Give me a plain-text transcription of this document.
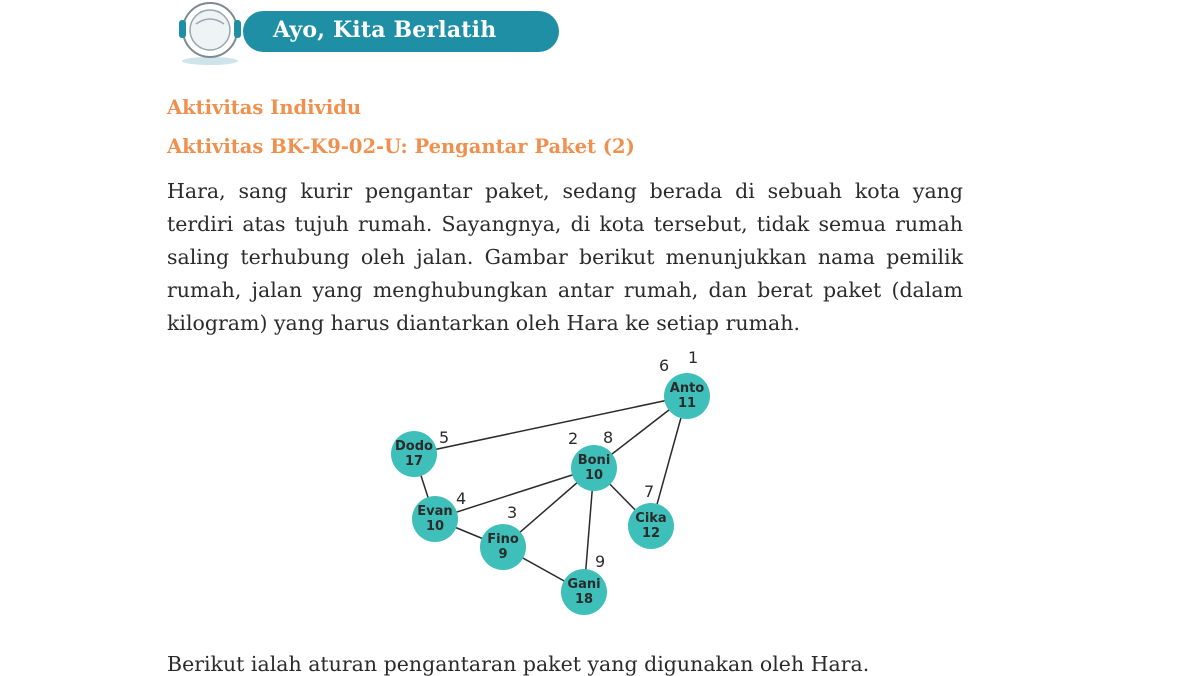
Ayo, Kita Berlatih
Aktivitas Individu
Aktivitas BK-K9-02-U: Pengantar Paket (2)

Hara, sang kurir pengantar paket, sedang berada di sebuah kota yang terdiri atas tujuh rumah. Sayangnya, di kota tersebut, tidak semua rumah saling terhubung oleh jalan. Gambar berikut menunjukkan nama pemilik rumah, jalan yang menghubungkan antar rumah, dan berat paket (dalam kilogram) yang harus diantarkan oleh Hara ke setiap rumah.

1
6
5	2 8
7
4
3
9
Anto
11
Dodo
17	Boni
10
Evan
10
Cika
12
Fino
9
Gani
18

Berikut ialah aturan pengantaran paket yang digunakan oleh Hara.
